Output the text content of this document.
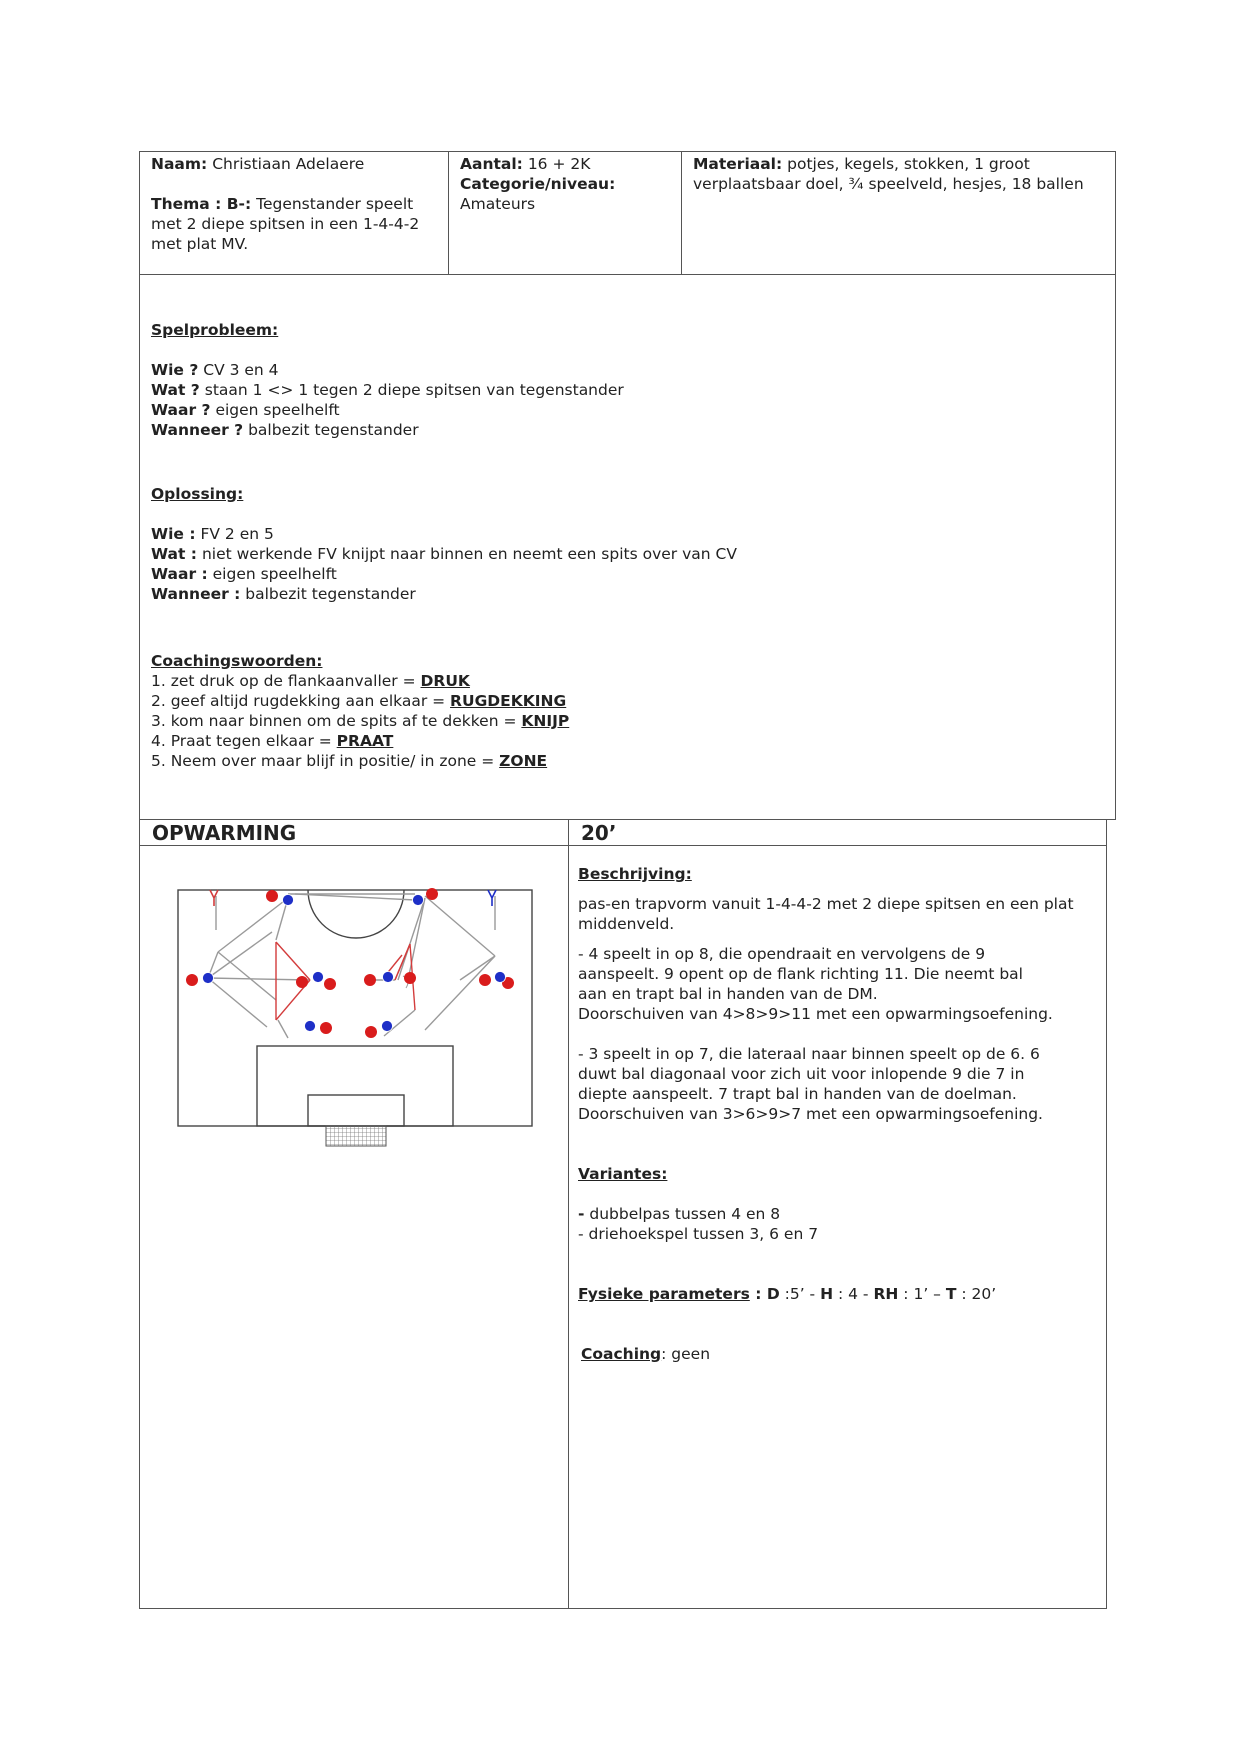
Naam: Christiaan Adelaere

Thema : B-: Tegenstander speelt met 2 diepe spitsen in een 1-4-4-2 met plat MV.

Aantal: 16 + 2K

Categorie/niveau:

Amateurs

Materiaal: potjes, kegels, stokken, 1 groot verplaatsbaar doel, ¾ speelveld, hesjes, 18 ballen

Spelprobleem:

Wie ? CV 3 en 4

Wat ? staan 1 <> 1 tegen 2 diepe spitsen van tegenstander

Waar ? eigen speelhelft

Wanneer ? balbezit tegenstander

Oplossing:

Wie : FV 2 en 5

Wat : niet werkende FV knijpt naar binnen en neemt een spits over van CV

Waar : eigen speelhelft

Wanneer : balbezit tegenstander

Coachingswoorden:

1. zet druk op de flankaanvaller = DRUK

2. geef altijd rugdekking aan elkaar = RUGDEKKING

3. kom naar binnen om de spits af te dekken = KNIJP

4. Praat tegen elkaar = PRAAT

5. Neem over maar blijf in positie/ in zone = ZONE

OPWARMING	20’

Beschrijving:

pas-en trapvorm vanuit 1-4-4-2 met 2 diepe spitsen en een plat middenveld.

- 4 speelt in op 8, die opendraait en vervolgens de 9

aanspeelt. 9 opent op de flank richting 11. Die neemt bal

aan en trapt bal in handen van de DM.

Doorschuiven van 4>8>9>11 met een opwarmingsoefening.

- 3 speelt in op 7, die lateraal naar binnen speelt op de 6. 6

duwt bal diagonaal voor zich uit voor inlopende 9 die 7 in

diepte aanspeelt. 7 trapt bal in handen van de doelman.

Doorschuiven van 3>6>9>7 met een opwarmingsoefening.

Variantes:

- dubbelpas tussen 4 en 8

- driehoekspel tussen 3, 6 en 7

Fysieke parameters : D :5’ - H : 4 - RH : 1’ – T : 20’

Coaching: geen
